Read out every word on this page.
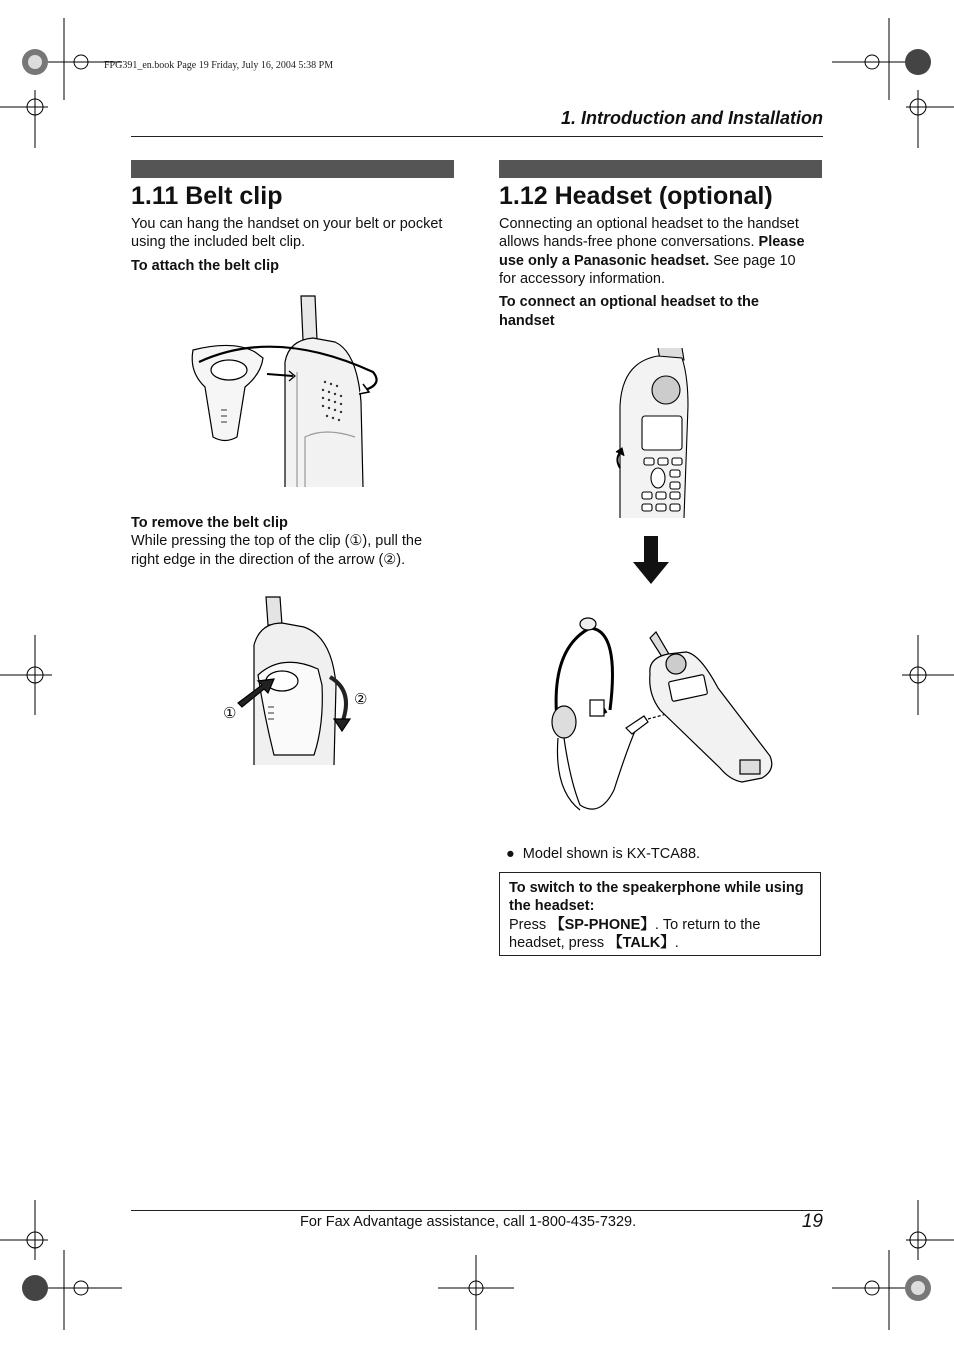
FPG391_en.book Page 19 Friday, July 16, 2004 5:38 PM
1. Introduction and Installation
1.11 Belt clip
You can hang the handset on your belt or pocket
using the included belt clip.
To attach the belt clip
To remove the belt clip
While pressing the top of the clip (①), pull the
right edge in the direction of the arrow (②).
①
②
1.12 Headset (optional)
Connecting an optional headset to the handset
allows hands-free phone conversations. Please
use only a Panasonic headset. See page 10
for accessory information.
To connect an optional headset to the
handset
● Model shown is KX-TCA88.
To switch to the speakerphone while using
the headset:
Press 【SP-PHONE】. To return to the
headset, press 【TALK】.
For Fax Advantage assistance, call 1-800-435-7329.	19
